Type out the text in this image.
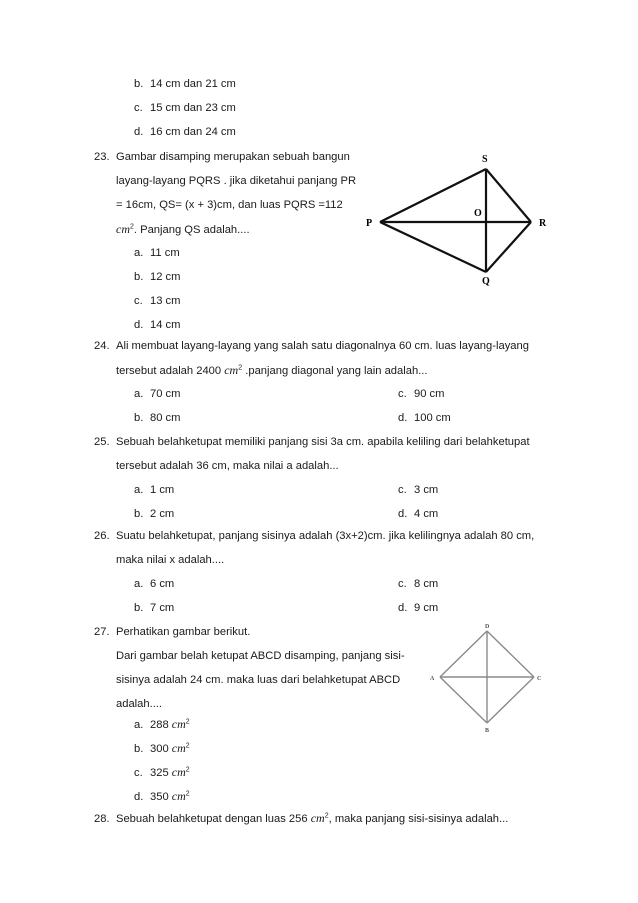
b. 14 cm dan 21 cm
c. 15 cm dan 23 cm
d. 16 cm dan 24 cm
23. Gambar disamping merupakan sebuah bangun
layang-layang PQRS . jika diketahui panjang PR
= 16cm, QS= (x + 3)cm, dan luas PQRS =112
$cm^2$. Panjang QS adalah....
a. 11 cm
b. 12 cm
c. 13 cm
d. 14 cm
S
P
O
R
Q
24. Ali membuat layang-layang yang salah satu diagonalnya 60 cm. luas layang-layang
tersebut adalah 2400 $cm^2$ .panjang diagonal yang lain adalah...
a. 70 cm
b. 80 cm
c. 90 cm
d. 100 cm
25. Sebuah belahketupat memiliki panjang sisi 3a cm. apabila keliling dari belahketupat
tersebut adalah 36 cm, maka nilai a adalah...
a. 1 cm
b. 2 cm
c. 3 cm
d. 4 cm
26. Suatu belahketupat, panjang sisinya adalah (3x+2)cm. jika kelilingnya adalah 80 cm,
maka nilai x adalah....
a. 6 cm
b. 7 cm
c. 8 cm
d. 9 cm
27. Perhatikan gambar berikut.
Dari gambar belah ketupat ABCD disamping, panjang sisi-
sisinya adalah 24 cm. maka luas dari belahketupat ABCD
adalah....
a. 288 $cm^2$
b. 300 $cm^2$
c. 325 $cm^2$
d. 350 $cm^2$
D
A	C
B
28. Sebuah belahketupat dengan luas 256 $cm^2$, maka panjang sisi-sisinya adalah...
